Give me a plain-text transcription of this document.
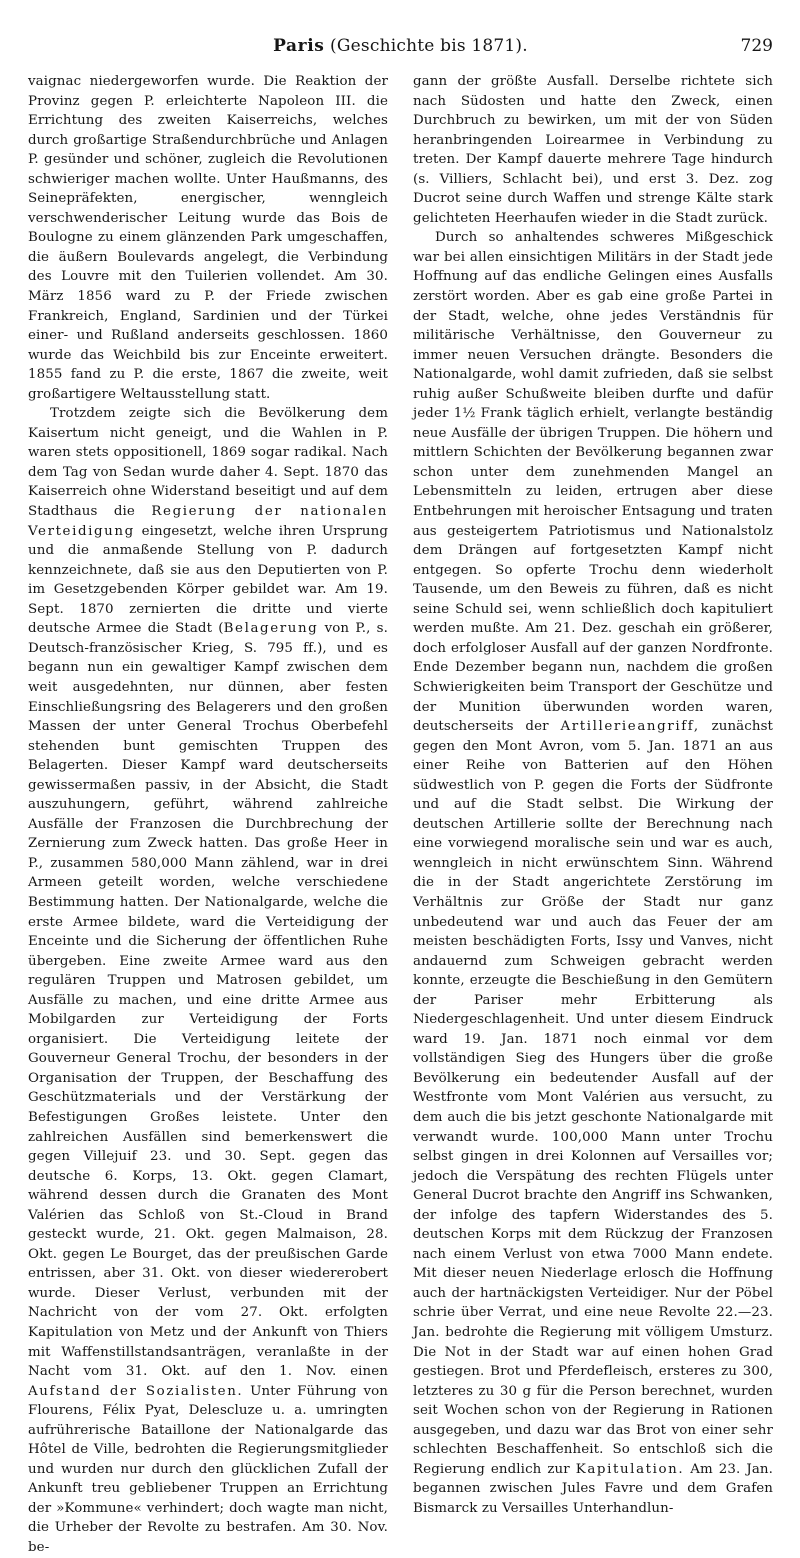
Paris (Geschichte bis 1871).	729

vaignac niedergeworfen wurde. Die Reaktion der Provinz gegen P. erleichterte Napoleon III. die Errichtung des zweiten Kaiserreichs, welches durch großartige Straßendurchbrüche und Anlagen P. gesünder und schöner, zugleich die Revolutionen schwieriger machen wollte. Unter Haußmanns, des Seinepräfekten, energischer, wenngleich verschwenderischer Leitung wurde das Bois de Boulogne zu einem glänzenden Park umgeschaffen, die äußern Boulevards angelegt, die Verbindung des Louvre mit den Tuilerien vollendet. Am 30. März 1856 ward zu P. der Friede zwischen Frankreich, England, Sardinien und der Türkei einer- und Rußland anderseits geschlossen. 1860 wurde das Weichbild bis zur Enceinte erweitert. 1855 fand zu P. die erste, 1867 die zweite, weit großartigere Weltausstellung statt.

Trotzdem zeigte sich die Bevölkerung dem Kaisertum nicht geneigt, und die Wahlen in P. waren stets oppositionell, 1869 sogar radikal. Nach dem Tag von Sedan wurde daher 4. Sept. 1870 das Kaiserreich ohne Widerstand beseitigt und auf dem Stadthaus die Regierung der nationalen Verteidigung eingesetzt, welche ihren Ursprung und die anmaßende Stellung von P. dadurch kennzeichnete, daß sie aus den Deputierten von P. im Gesetzgebenden Körper gebildet war. Am 19. Sept. 1870 zernierten die dritte und vierte deutsche Armee die Stadt (Belagerung von P., s. Deutsch-französischer Krieg, S. 795 ff.), und es begann nun ein gewaltiger Kampf zwischen dem weit ausgedehnten, nur dünnen, aber festen Einschließungsring des Belagerers und den großen Massen der unter General Trochus Oberbefehl stehenden bunt gemischten Truppen des Belagerten. Dieser Kampf ward deutscherseits gewissermaßen passiv, in der Absicht, die Stadt auszuhungern, geführt, während zahlreiche Ausfälle der Franzosen die Durchbrechung der Zernierung zum Zweck hatten. Das große Heer in P., zusammen 580,000 Mann zählend, war in drei Armeen geteilt worden, welche verschiedene Bestimmung hatten. Der Nationalgarde, welche die erste Armee bildete, ward die Verteidigung der Enceinte und die Sicherung der öffentlichen Ruhe übergeben. Eine zweite Armee ward aus den regulären Truppen und Matrosen gebildet, um Ausfälle zu machen, und eine dritte Armee aus Mobilgarden zur Verteidigung der Forts organisiert. Die Verteidigung leitete der Gouverneur General Trochu, der besonders in der Organisation der Truppen, der Beschaffung des Geschützmaterials und der Verstärkung der Befestigungen Großes leistete. Unter den zahlreichen Ausfällen sind bemerkenswert die gegen Villejuif 23. und 30. Sept. gegen das deutsche 6. Korps, 13. Okt. gegen Clamart, während dessen durch die Granaten des Mont Valérien das Schloß von St.-Cloud in Brand gesteckt wurde, 21. Okt. gegen Malmaison, 28. Okt. gegen Le Bourget, das der preußischen Garde entrissen, aber 31. Okt. von dieser wiedererobert wurde. Dieser Verlust, verbunden mit der Nachricht von der vom 27. Okt. erfolgten Kapitulation von Metz und der Ankunft von Thiers mit Waffenstillstandsanträgen, veranlaßte in der Nacht vom 31. Okt. auf den 1. Nov. einen Aufstand der Sozialisten. Unter Führung von Flourens, Félix Pyat, Delescluze u. a. umringten aufrührerische Bataillone der Nationalgarde das Hôtel de Ville, bedrohten die Regierungsmitglieder und wurden nur durch den glücklichen Zufall der Ankunft treu gebliebener Truppen an Errichtung der »Kommune« verhindert; doch wagte man nicht, die Urheber der Revolte zu bestrafen. Am 30. Nov. be-

gann der größte Ausfall. Derselbe richtete sich nach Südosten und hatte den Zweck, einen Durchbruch zu bewirken, um mit der von Süden heranbringenden Loirearmee in Verbindung zu treten. Der Kampf dauerte mehrere Tage hindurch (s. Villiers, Schlacht bei), und erst 3. Dez. zog Ducrot seine durch Waffen und strenge Kälte stark gelichteten Heerhaufen wieder in die Stadt zurück.

Durch so anhaltendes schweres Mißgeschick war bei allen einsichtigen Militärs in der Stadt jede Hoffnung auf das endliche Gelingen eines Ausfalls zerstört worden. Aber es gab eine große Partei in der Stadt, welche, ohne jedes Verständnis für militärische Verhältnisse, den Gouverneur zu immer neuen Versuchen drängte. Besonders die Nationalgarde, wohl damit zufrieden, daß sie selbst ruhig außer Schußweite bleiben durfte und dafür jeder 1½ Frank täglich erhielt, verlangte beständig neue Ausfälle der übrigen Truppen. Die höhern und mittlern Schichten der Bevölkerung begannen zwar schon unter dem zunehmenden Mangel an Lebensmitteln zu leiden, ertrugen aber diese Entbehrungen mit heroischer Entsagung und traten aus gesteigertem Patriotismus und Nationalstolz dem Drängen auf fortgesetzten Kampf nicht entgegen. So opferte Trochu denn wiederholt Tausende, um den Beweis zu führen, daß es nicht seine Schuld sei, wenn schließlich doch kapituliert werden mußte. Am 21. Dez. geschah ein größerer, doch erfolgloser Ausfall auf der ganzen Nordfronte. Ende Dezember begann nun, nachdem die großen Schwierigkeiten beim Transport der Geschütze und der Munition überwunden worden waren, deutscherseits der Artillerieangriff, zunächst gegen den Mont Avron, vom 5. Jan. 1871 an aus einer Reihe von Batterien auf den Höhen südwestlich von P. gegen die Forts der Südfronte und auf die Stadt selbst. Die Wirkung der deutschen Artillerie sollte der Berechnung nach eine vorwiegend moralische sein und war es auch, wenngleich in nicht erwünschtem Sinn. Während die in der Stadt angerichtete Zerstörung im Verhältnis zur Größe der Stadt nur ganz unbedeutend war und auch das Feuer der am meisten beschädigten Forts, Issy und Vanves, nicht andauernd zum Schweigen gebracht werden konnte, erzeugte die Beschießung in den Gemütern der Pariser mehr Erbitterung als Niedergeschlagenheit. Und unter diesem Eindruck ward 19. Jan. 1871 noch einmal vor dem vollständigen Sieg des Hungers über die große Bevölkerung ein bedeutender Ausfall auf der Westfronte vom Mont Valérien aus versucht, zu dem auch die bis jetzt geschonte Nationalgarde mit verwandt wurde. 100,000 Mann unter Trochu selbst gingen in drei Kolonnen auf Versailles vor; jedoch die Verspätung des rechten Flügels unter General Ducrot brachte den Angriff ins Schwanken, der infolge des tapfern Widerstandes des 5. deutschen Korps mit dem Rückzug der Franzosen nach einem Verlust von etwa 7000 Mann endete. Mit dieser neuen Niederlage erlosch die Hoffnung auch der hartnäckigsten Verteidiger. Nur der Pöbel schrie über Verrat, und eine neue Revolte 22.—23. Jan. bedrohte die Regierung mit völligem Umsturz. Die Not in der Stadt war auf einen hohen Grad gestiegen. Brot und Pferdefleisch, ersteres zu 300, letzteres zu 30 g für die Person berechnet, wurden seit Wochen schon von der Regierung in Rationen ausgegeben, und dazu war das Brot von einer sehr schlechten Beschaffenheit. So entschloß sich die Regierung endlich zur Kapitulation. Am 23. Jan. begannen zwischen Jules Favre und dem Grafen Bismarck zu Versailles Unterhandlun-
